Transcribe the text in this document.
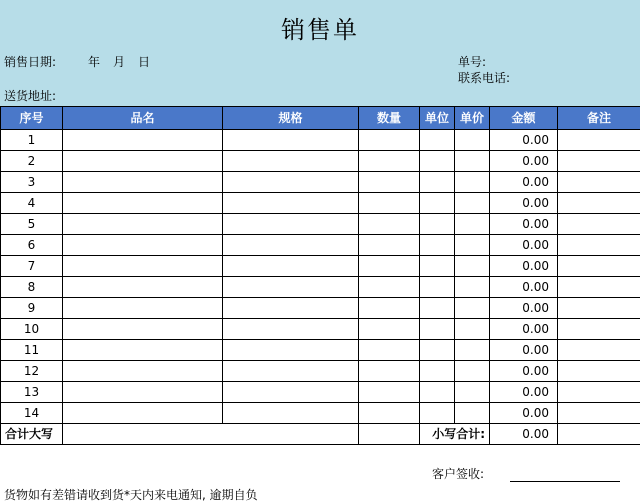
销售单
销售日期:	年 月 日	单号:
联系电话:
送货地址:
序号	品名	规格	数量	单位	单价	金额	备注
1						0.00	
2						0.00	
3						0.00	
4						0.00	
5						0.00	
6						0.00	
7						0.00	
8						0.00	
9						0.00	
10						0.00	
11						0.00	
12						0.00	
13						0.00	
14						0.00	
合计大写				小写合计:		0.00	
客户签收:
货物如有差错请收到货*天内来电通知, 逾期自负
